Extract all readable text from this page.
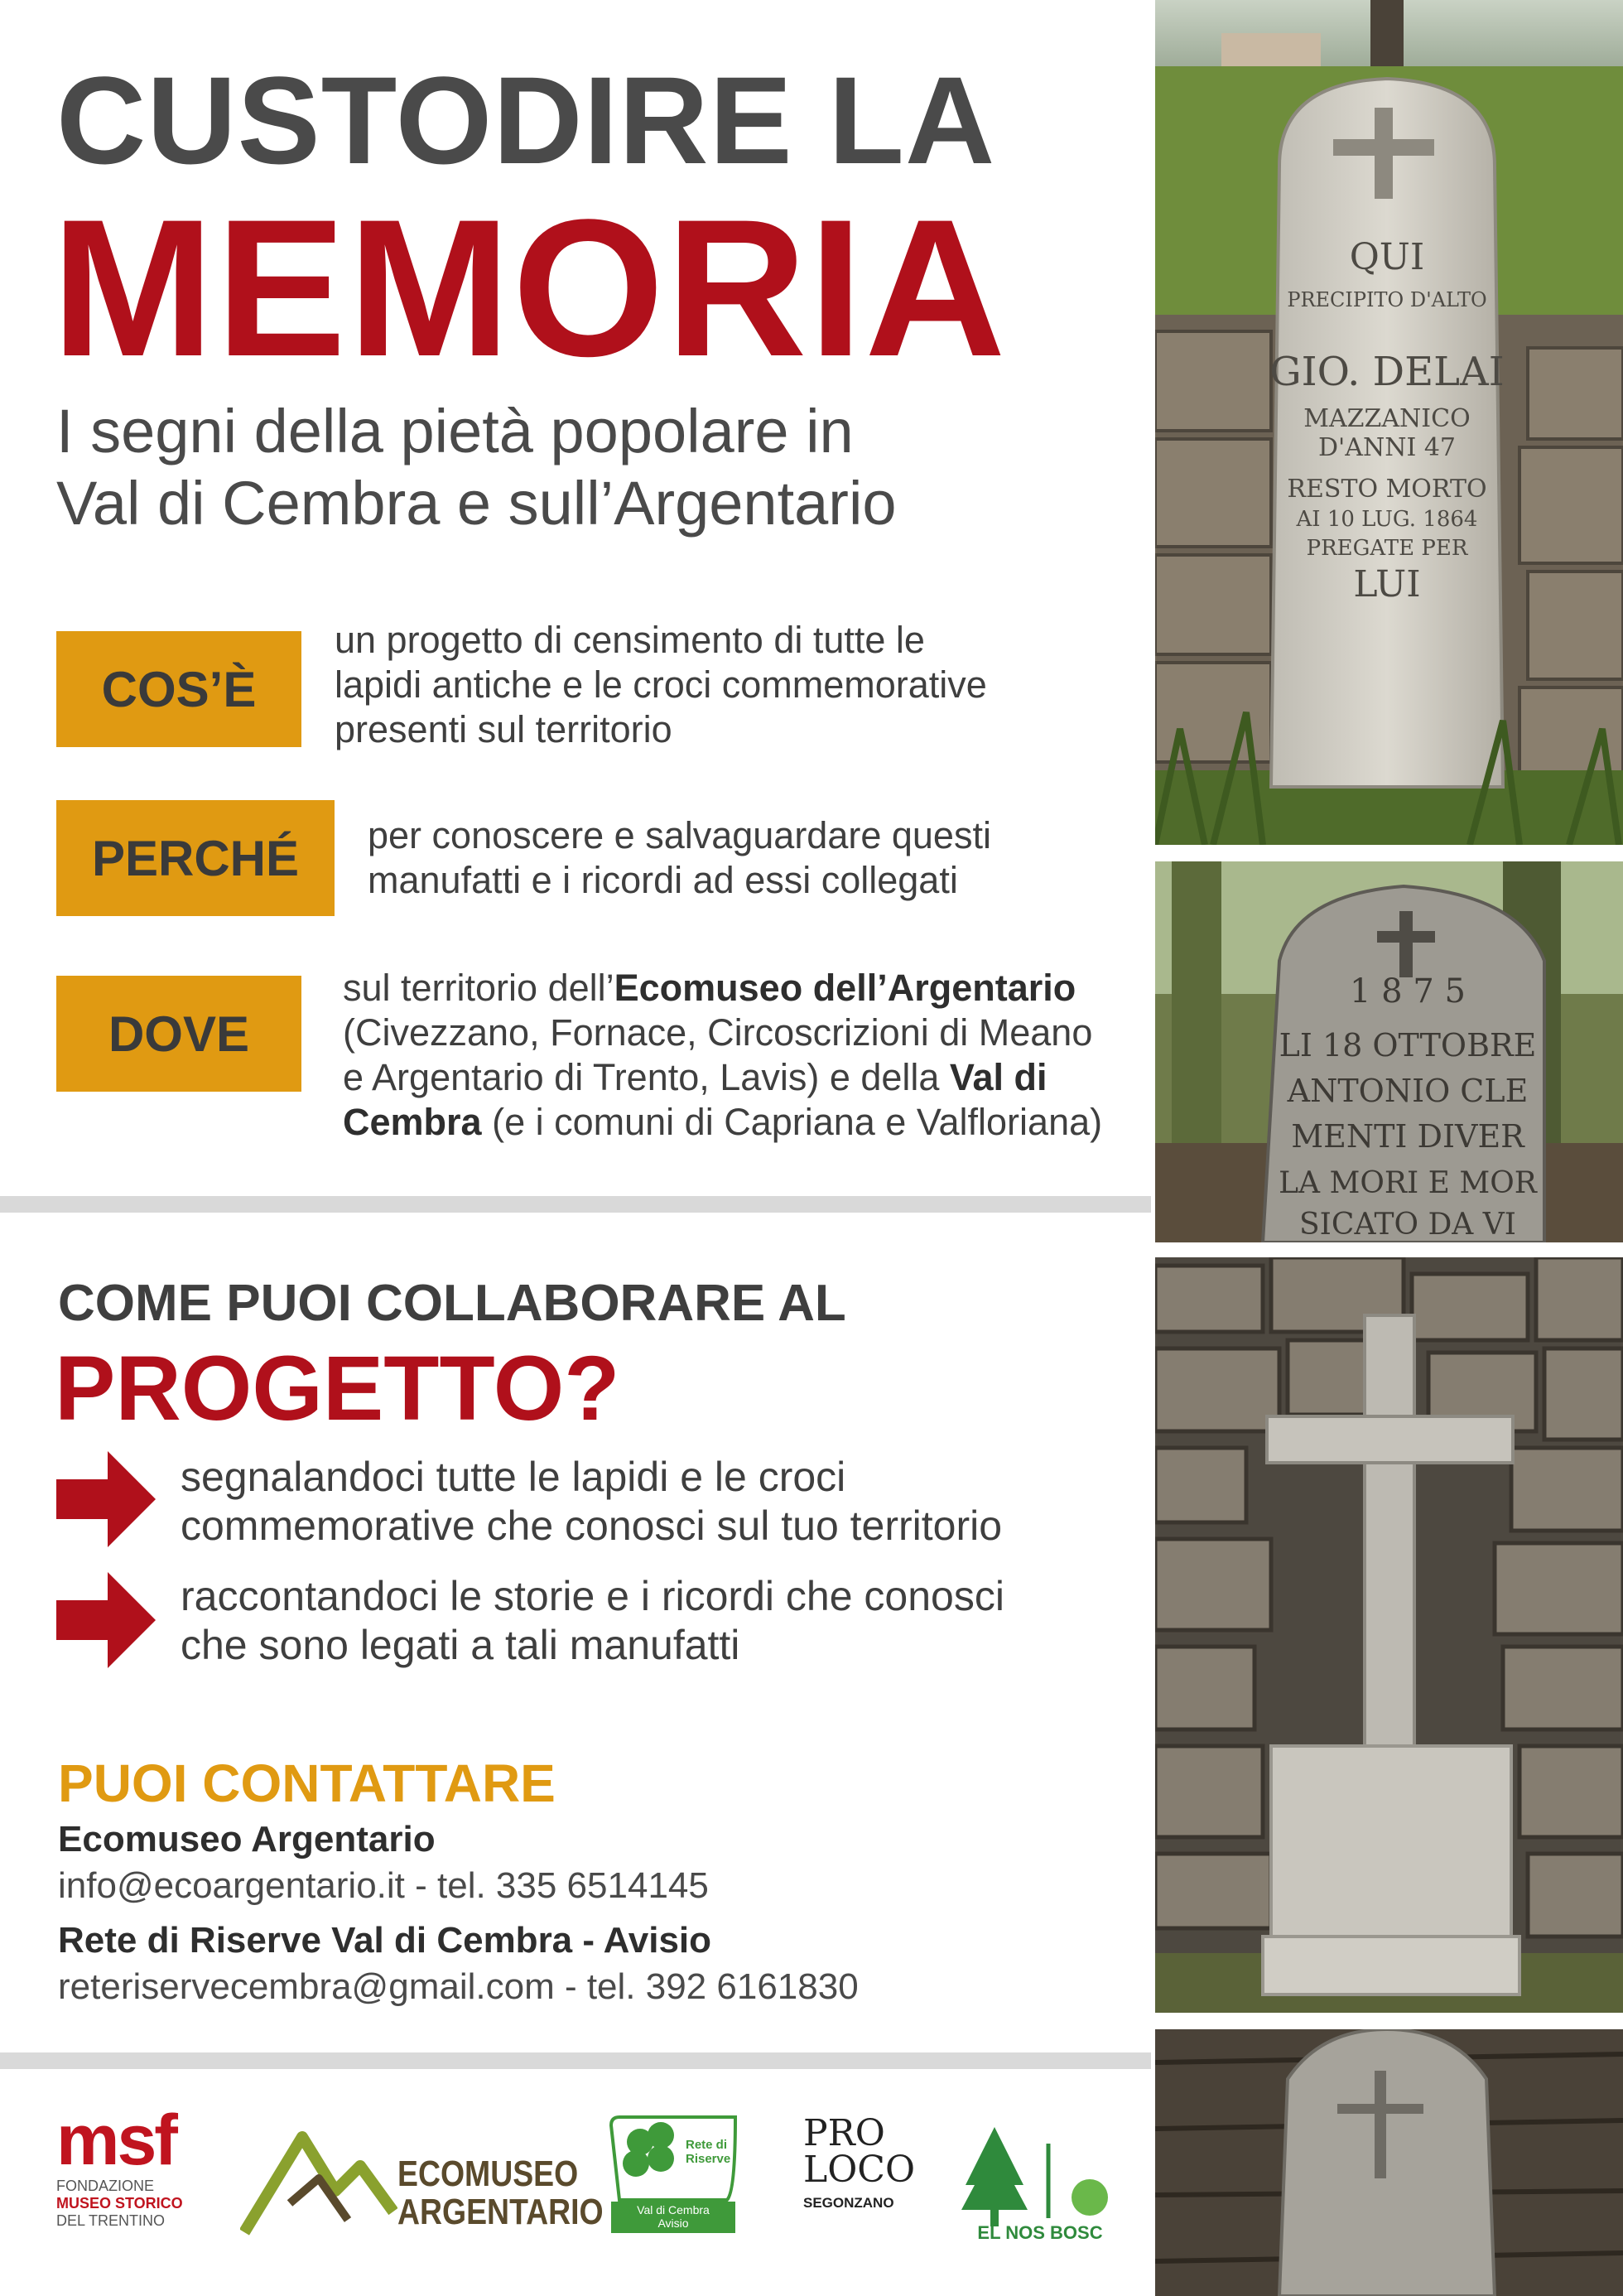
CUSTODIRE LA
MEMORIA
I segni della pietà popolare in
Val di Cembra e sull’Argentario
COS’È
un progetto di censimento di tutte le
lapidi antiche e le croci commemorative
presenti sul territorio
PERCHÉ	per conoscere e salvaguardare questi
manufatti e i ricordi ad essi collegati
DOVE
sul territorio dell’Ecomuseo dell’Argentario
(Civezzano, Fornace, Circoscrizioni di Meano
e Argentario di Trento, Lavis) e della Val di
Cembra (e i comuni di Capriana e Valfloriana)
COME PUOI COLLABORARE AL
PROGETTO?
segnalandoci tutte le lapidi e le croci
commemorative che conosci sul tuo territorio
raccontandoci le storie e i ricordi che conosci
che sono legati a tali manufatti
PUOI CONTATTARE
Ecomuseo Argentario
info@ecoargentario.it - tel. 335 6514145
Rete di Riserve Val di Cembra - Avisio
reteriservecembra@gmail.com - tel. 392 6161830
QUI
PRECIPITO D'ALTO
GIO. DELAI
MAZZANICO
D'ANNI 47
RESTO MORTO
AI 10 LUG. 1864
PREGATE PER
LUI
1 8 7 5
LI 18 OTTOBRE
ANTONIO CLE
MENTI DIVER
LA MORI E MOR
SICATO DA VI
msf
FONDAZIONE
MUSEO STORICO
DEL TRENTINO
ECOMUSEO
ARGENTARIO
Rete di
Riserve
Val di Cembra
Avisio
PRO
LOCO
SEGONZANO
EL NOS BOSC
